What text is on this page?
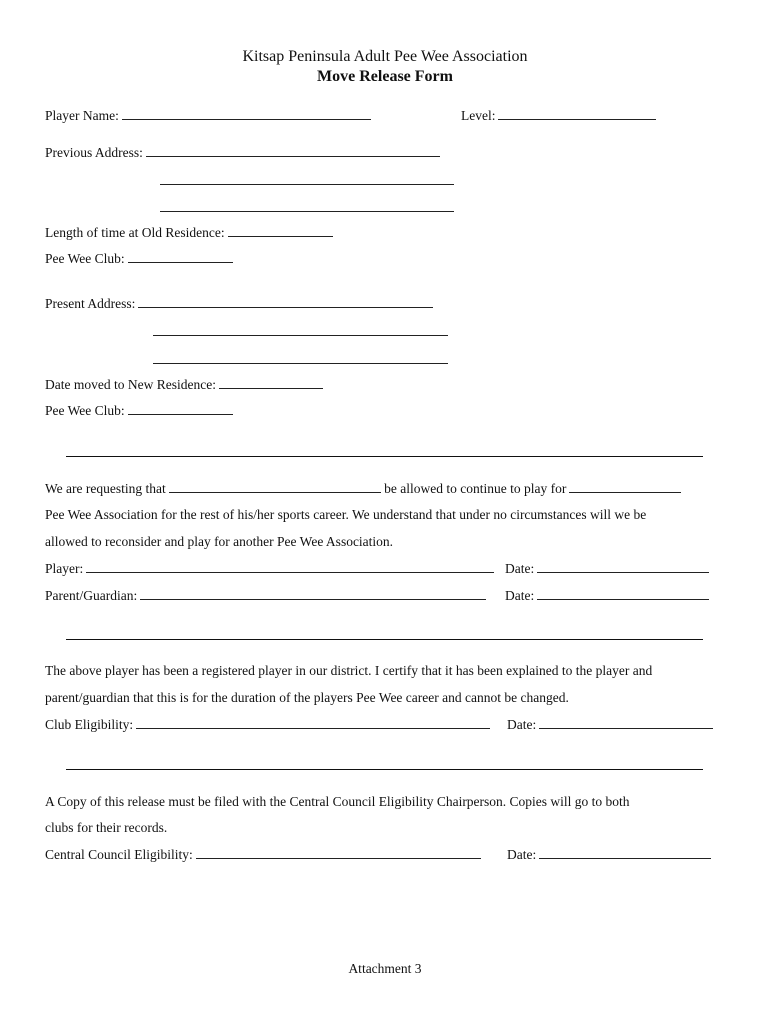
Kitsap Peninsula Adult Pee Wee Association
Move Release Form
Player Name:	Level:
Previous Address:
Length of time at Old Residence:
Pee Wee Club:
Present Address:
Date moved to New Residence:
Pee Wee Club:
We are requesting that	be allowed to continue to play for
Pee Wee Association for the rest of his/her sports career. We understand that under no circumstances will we be
allowed to reconsider and play for another Pee Wee Association.
Player:	Date:
Parent/Guardian:	Date:
The above player has been a registered player in our district. I certify that it has been explained to the player and
parent/guardian that this is for the duration of the players Pee Wee career and cannot be changed.
Club Eligibility:	Date:
A Copy of this release must be filed with the Central Council Eligibility Chairperson. Copies will go to both
clubs for their records.
Central Council Eligibility:	Date:
Attachment 3
